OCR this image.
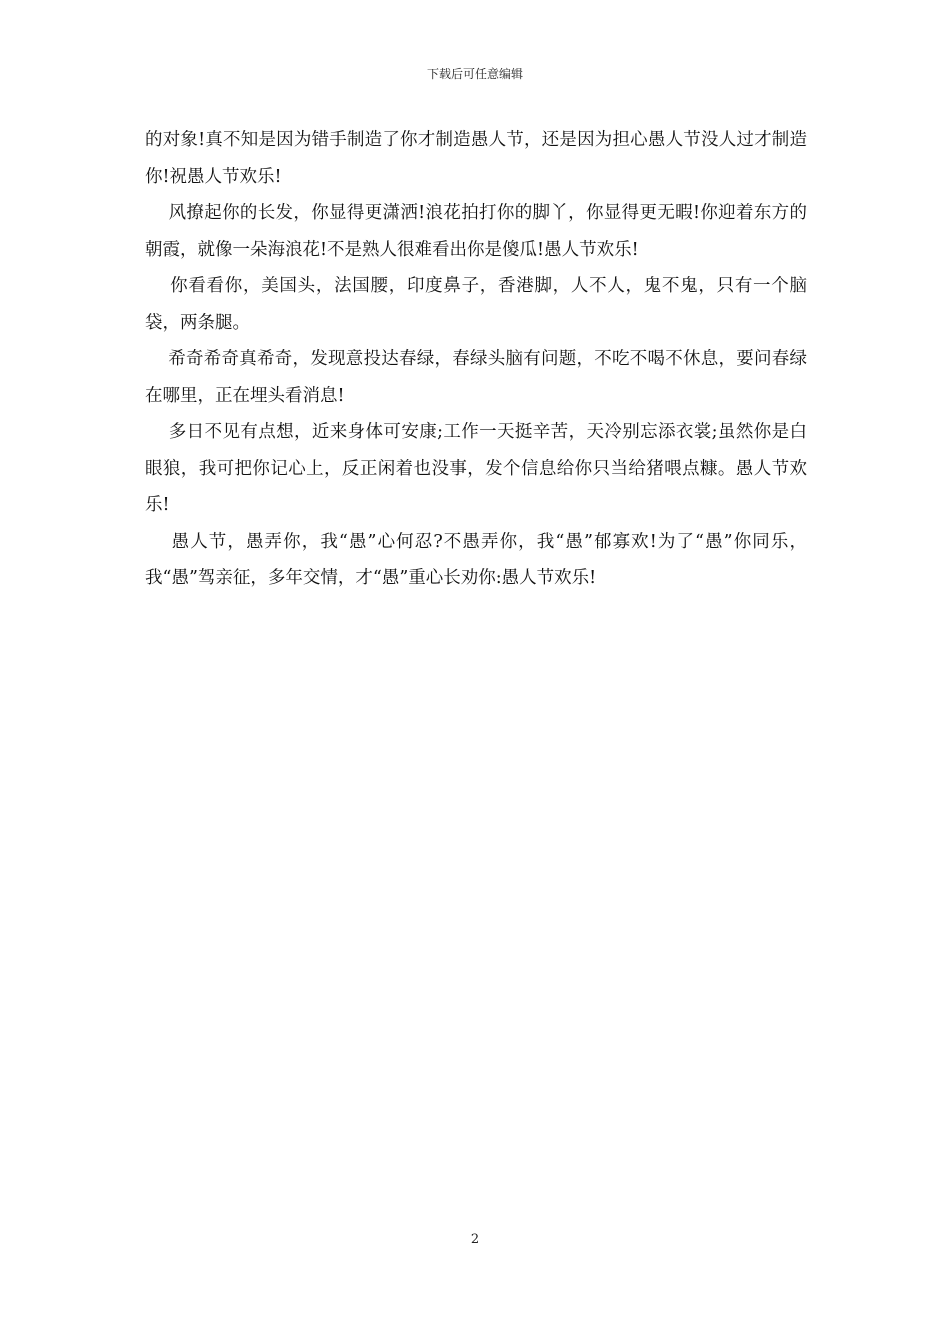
下载后可任意编辑

的对象!真不知是因为错手制造了你才制造愚人节，还是因为担心愚人节没人过才制造你!祝愚人节欢乐!

风撩起你的长发，你显得更潇洒!浪花拍打你的脚丫，你显得更无暇!你迎着东方的朝霞，就像一朵海浪花!不是熟人很难看出你是傻瓜!愚人节欢乐!

你看看你，美国头，法国腰，印度鼻子，香港脚，人不人，鬼不鬼，只有一个脑袋，两条腿。

希奇希奇真希奇，发现意投达春绿，春绿头脑有问题，不吃不喝不休息，要问春绿在哪里，正在埋头看消息!

多日不见有点想，近来身体可安康;工作一天挺辛苦，天冷别忘添衣裳;虽然你是白眼狼，我可把你记心上，反正闲着也没事，发个信息给你只当给猪喂点糠。愚人节欢乐!

愚人节，愚弄你，我“愚”心何忍?不愚弄你，我“愚”郁寡欢!为了“愚”你同乐，我“愚”驾亲征，多年交情，才“愚”重心长劝你:愚人节欢乐!

2
